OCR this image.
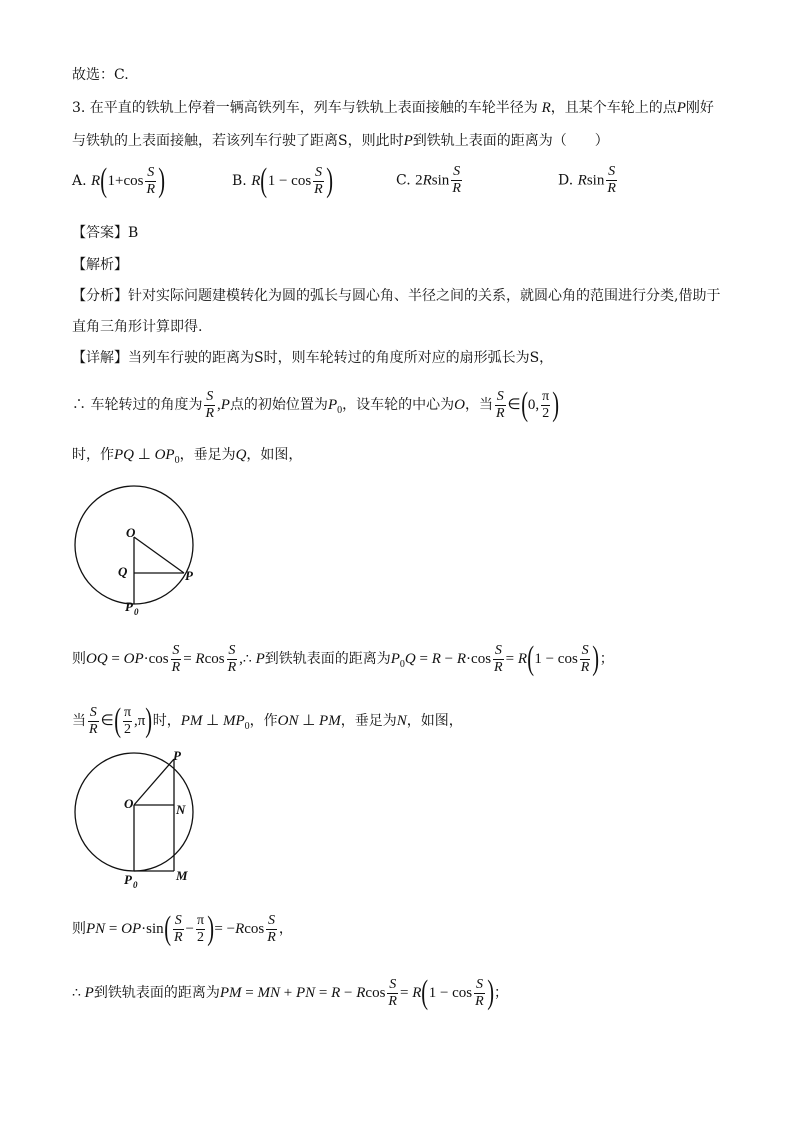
故选：C.
3. 在平直的铁轨上停着一辆高铁列车，列车与铁轨上表面接触的车轮半径为 R，且某个车轮上的点P刚好
与铁轨的上表面接触，若该列车行驶了距离S，则此时P到铁轨上表面的距离为（　　）
A. $R(1+\cos \frac{S}{R}$ )	B. $R(1 - \cos \frac{S}{R}$ )	C. $2Rsin \frac{S}{R}$	D. Rsin $\frac{S}{R}$
【答案】B
【解析】
【分析】针对实际问题建模转化为圆的弧长与圆心角、半径之间的关系，就圆心角的范围进行分类,借助于
直角三角形计算即得.
【详解】当列车行驶的距离为S时，则车轮转过的角度所对应的扇形弧长为S，
∴ 车轮转过的角度为 $\frac{S}{R} ,P$点的初始位置为$P_0$，设车轮的中心为O，当 $\frac{S}{R}$ ∈(0, $\frac{\pi}{2}$ )
时，作PQ ⊥ $OP_0$，垂足为Q，如图，
O
Q	P
P 0
则OQ = $OP\cdot\cos \frac{S}{R} = Rcos \frac{S}{R}$ ,∴ P到铁轨表面的距离为$P_0Q = R - R\cdot\cos \frac{S}{R} = R(1 - \cos \frac{S}{R}$ )；
当 $\frac{S}{R}$ ∈( $\frac{\pi}{2} ,\pi$)时，PM ⊥ $MP_0$，作ON ⊥ PM，垂足为N，如图，
O	N
P
M
P 0
则PN = $OP\cdot\sin( \frac{S}{R} - \frac{\pi}{2}$ )= $-Rcos \frac{S}{R}$ ，
∴ P到铁轨表面的距离为PM = MN + PN = R − Rcos $\frac{S}{R} = R(1 - \cos \frac{S}{R}$ )；
